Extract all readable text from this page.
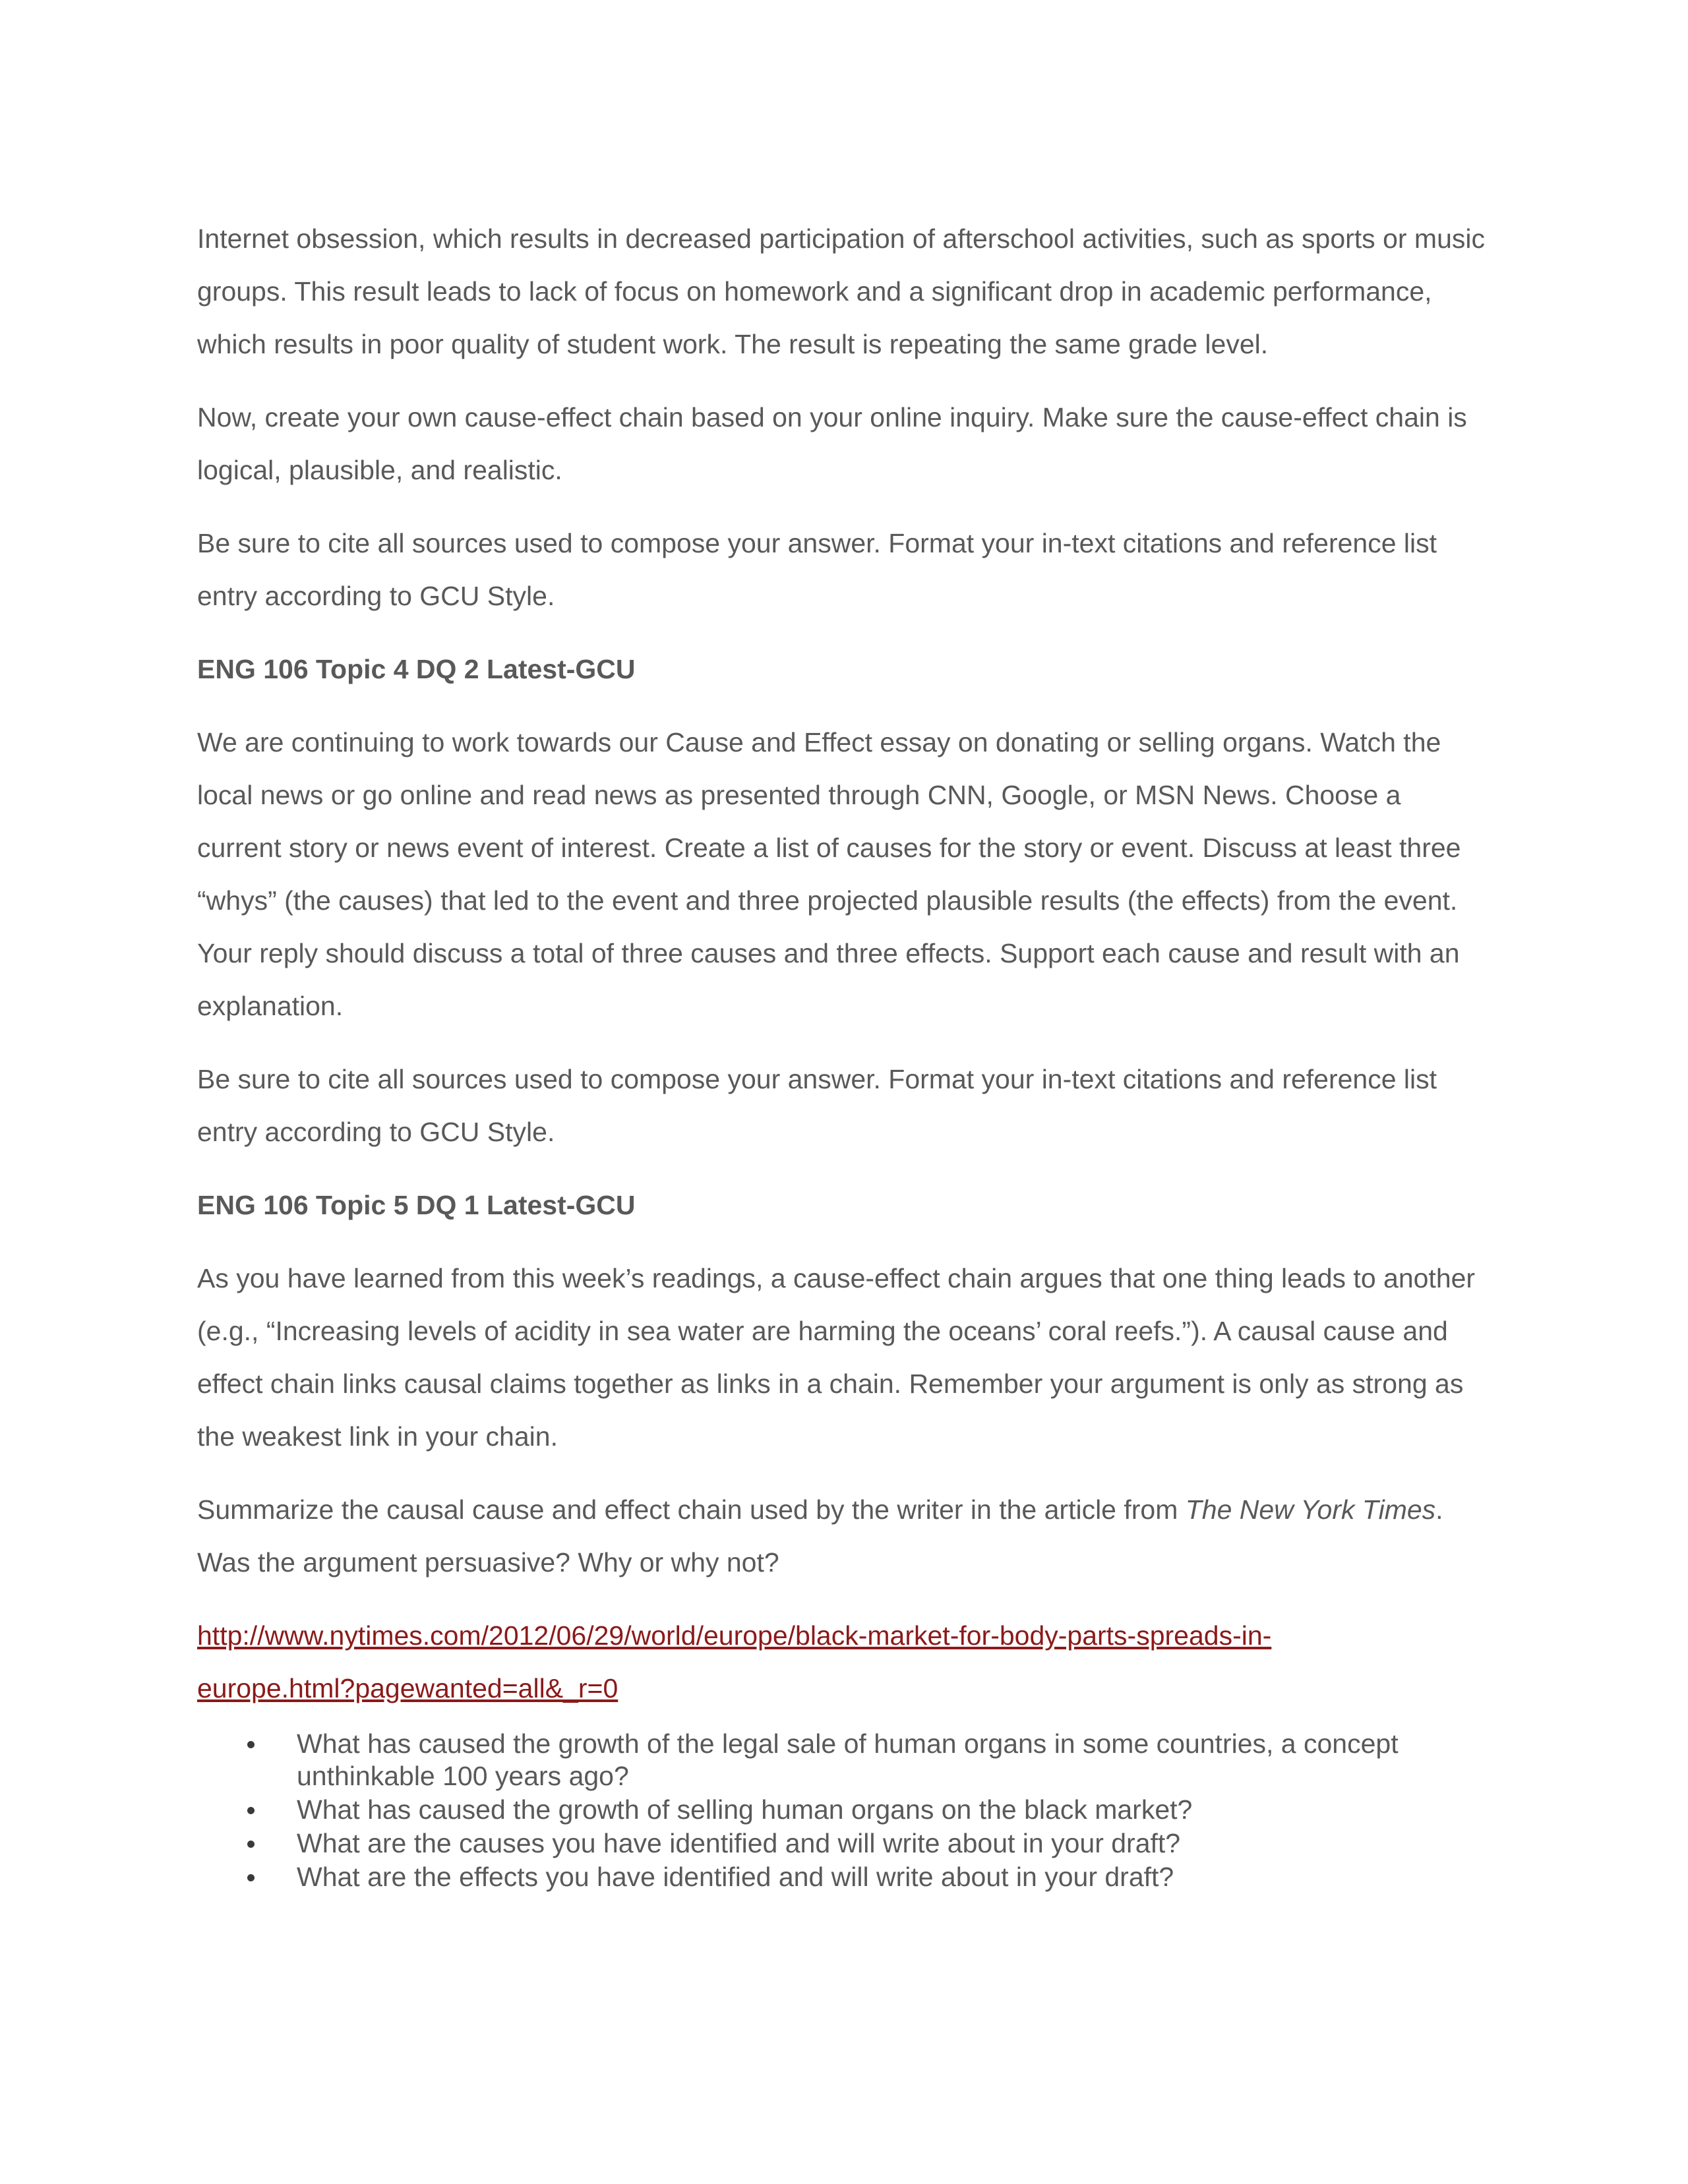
Internet obsession, which results in decreased participation of afterschool activities, such as sports or music groups. This result leads to lack of focus on homework and a significant drop in academic performance, which results in poor quality of student work. The result is repeating the same grade level.

Now, create your own cause-effect chain based on your online inquiry. Make sure the cause-effect chain is logical, plausible, and realistic.

Be sure to cite all sources used to compose your answer. Format your in-text citations and reference list entry according to GCU Style.

ENG 106 Topic 4 DQ 2 Latest-GCU

We are continuing to work towards our Cause and Effect essay on donating or selling organs. Watch the local news or go online and read news as presented through CNN, Google, or MSN News. Choose a current story or news event of interest. Create a list of causes for the story or event. Discuss at least three “whys” (the causes) that led to the event and three projected plausible results (the effects) from the event. Your reply should discuss a total of three causes and three effects. Support each cause and result with an explanation.

Be sure to cite all sources used to compose your answer. Format your in-text citations and reference list entry according to GCU Style.

ENG 106 Topic 5 DQ 1 Latest-GCU

As you have learned from this week’s readings, a cause-effect chain argues that one thing leads to another (e.g., “Increasing levels of acidity in sea water are harming the oceans’ coral reefs.”). A causal cause and effect chain links causal claims together as links in a chain. Remember your argument is only as strong as the weakest link in your chain.

Summarize the causal cause and effect chain used by the writer in the article from The New York Times. Was the argument persuasive? Why or why not?

http://www.nytimes.com/2012/06/29/world/europe/black-market-for-body-parts-spreads-in-
europe.html?pagewanted=all&_r=0

What has caused the growth of the legal sale of human organs in some countries, a concept unthinkable 100 years ago?
What has caused the growth of selling human organs on the black market?
What are the causes you have identified and will write about in your draft?
What are the effects you have identified and will write about in your draft?
